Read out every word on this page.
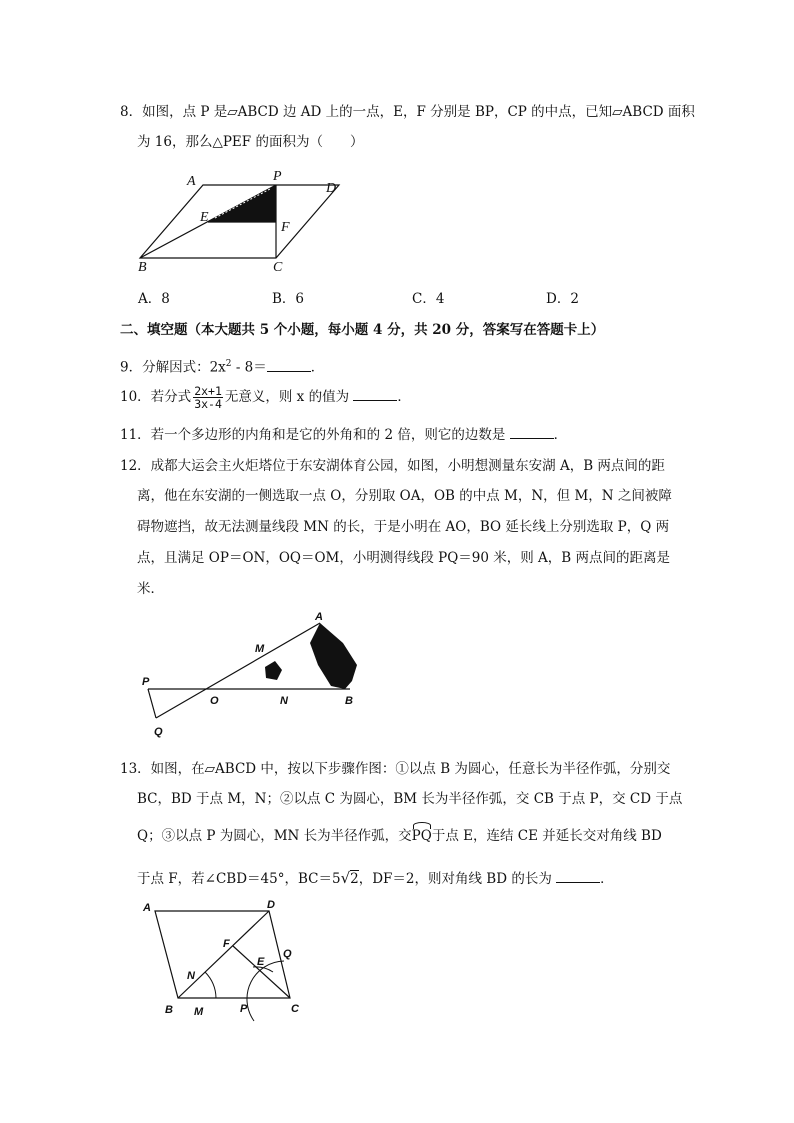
8．如图，点 P 是▱ABCD 边 AD 上的一点，E，F 分别是 BP，CP 的中点，已知▱ABCD 面积
为 16，那么△PEF 的面积为（　　）
A	P
D
E
F
B	C
A．8	B．6	C．4	D．2
二、填空题（本大题共 5 个小题，每小题 4 分，共 20 分，答案写在答题卡上）
9．分解因式：$2x^2 - 8=$	．
10．若分式 $\frac{2x+1}{3x-4}$ 无意义，则 x 的值为	．
11．若一个多边形的内角和是它的外角和的 2 倍，则它的边数是	．
12．成都大运会主火炬塔位于东安湖体育公园，如图，小明想测量东安湖 A，B 两点间的距
离，他在东安湖的一侧选取一点 O，分别取 OA，OB 的中点 M，N，但 M，N 之间被障
碍物遮挡，故无法测量线段 MN 的长，于是小明在 AO，BO 延长线上分别选取 P，Q 两
点，且满足 OP＝ON，OQ＝OM，小明测得线段 PQ＝90 米，则 A，B 两点间的距离是
米．
A
M
P
O	N	B
Q
13．如图，在▱ABCD 中，按以下步骤作图：①以点 B 为圆心，任意长为半径作弧，分别交
BC，BD 于点 M，N；②以点 C 为圆心，BM 长为半径作弧，交 CB 于点 P，交 CD 于点
Q；③以点 P 为圆心，MN 长为半径作弧，交PQ于点 E，连结 CE 并延长交对角线 BD
于点 F，若∠CBD＝45°，BC＝5√2，DF＝2，则对角线 BD 的长为	．
A	D
F
N
E
Q
B M	P	C
